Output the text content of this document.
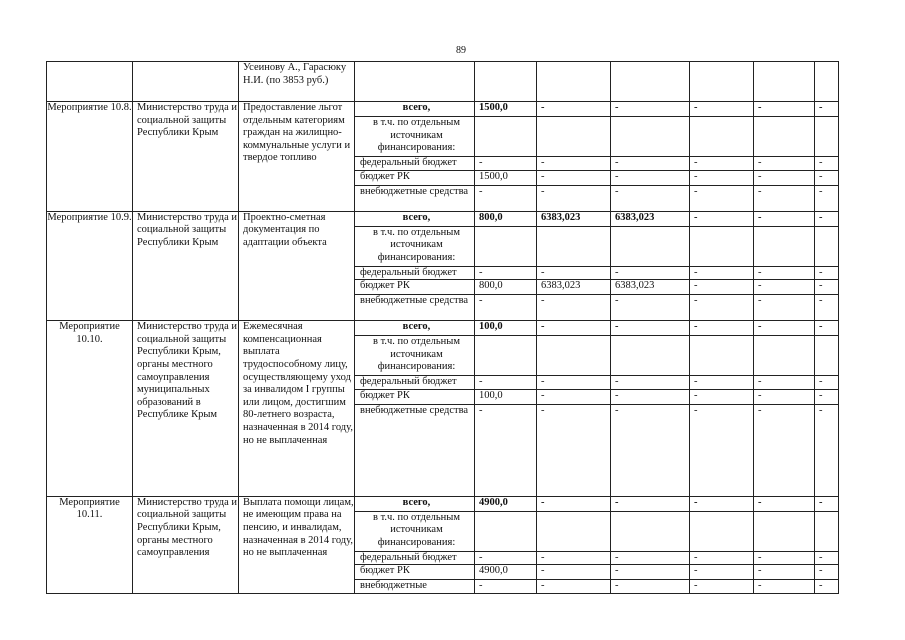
89
		Усеинову А., Гарасюку Н.И. (по 3853 руб.)							
Мероприятие 10.8.	Министерство труда и социальной защиты Республики Крым	Предоставление льгот отдельным категориям граждан на жилищно-коммунальные услуги и твердое топливо	всего,	1500,0	-	-	-	-	-
			в т.ч. по отдельным источникам финансирования:						
			федеральный бюджет	-	-	-	-	-	-
			бюджет РК	1500,0	-	-	-	-	-
			внебюджетные средства	-	-	-	-	-	-
Мероприятие 10.9.	Министерство труда и социальной защиты Республики Крым	Проектно-сметная документация по адаптации объекта	всего,	800,0	6383,023	6383,023	-	-	-
			в т.ч. по отдельным источникам финансирования:						
			федеральный бюджет	-	-	-	-	-	-
			бюджет РК	800,0	6383,023	6383,023	-	-	-
			внебюджетные средства	-	-	-	-	-	-
Мероприятие 10.10.	Министерство труда и социальной защиты Республики Крым, органы местного самоуправления муниципальных образований в Республике Крым	Ежемесячная компенсационная выплата трудоспособному лицу, осуществляющему уход за инвалидом I группы или лицом, достигшим 80-летнего возраста, назначенная в 2014 году, но не выплаченная	всего,	100,0	-	-	-	-	-
			в т.ч. по отдельным источникам финансирования:						
			федеральный бюджет	-	-	-	-	-	-
			бюджет РК	100,0	-	-	-	-	-
			внебюджетные средства	-	-	-	-	-	-
Мероприятие 10.11.	Министерство труда и социальной защиты Республики Крым, органы местного самоуправления	Выплата помощи лицам, не имеющим права на пенсию, и инвалидам, назначенная в 2014 году, но не выплаченная	всего,	4900,0	-	-	-	-	-
			в т.ч. по отдельным источникам финансирования:						
			федеральный бюджет	-	-	-	-	-	-
			бюджет РК	4900,0	-	-	-	-	-
			внебюджетные	-	-	-	-	-	-
